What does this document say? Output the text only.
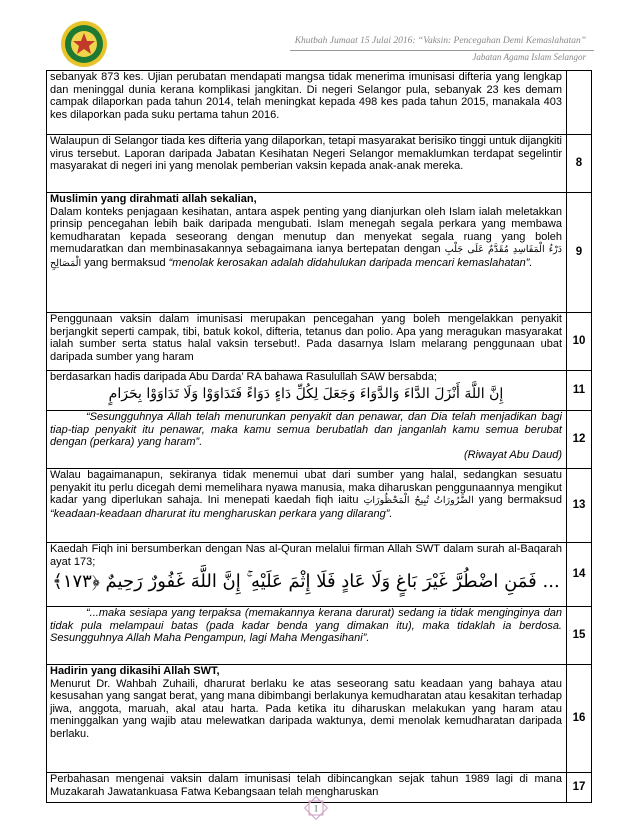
Khutbah Jumaat 15 Julai 2016: “Vaksin: Pencegahan Demi Kemaslahatan”
Jabatan Agama Islam Selangor
sebanyak 873 kes. Ujian perubatan mendapati mangsa tidak menerima imunisasi difteria yang lengkap dan meninggal dunia kerana komplikasi jangkitan. Di negeri Selangor pula, sebanyak 23 kes demam campak dilaporkan pada tahun 2014, telah meningkat kepada 498 kes pada tahun 2015, manakala 403 kes dilaporkan pada suku pertama tahun 2016.	
Walaupun di Selangor tiada kes difteria yang dilaporkan, tetapi masyarakat berisiko tinggi untuk dijangkiti virus tersebut. Laporan daripada Jabatan Kesihatan Negeri Selangor memaklumkan terdapat segelintir masyarakat di negeri ini yang menolak pemberian vaksin kepada anak-anak mereka.	8

Muslimin yang dirahmati allah sekalian,
Dalam konteks penjagaan kesihatan, antara aspek penting yang dianjurkan oleh Islam ialah meletakkan prinsip pencegahan lebih baik daripada mengubati. Islam menegah segala perkara yang membawa kemudharatan kepada seseorang dengan menutup dan menyekat segala ruang yang boleh memudaratkan dan membinasakannya sebagaimana ianya bertepatan dengan دَرْءُ الْمَفَاسِدِ مُقَدَّمٌ عَلَى جَلْبِ الْمَصَالِحِ yang bermaksud “menolak kerosakan adalah didahulukan daripada mencari kemaslahatan”.	9
Penggunaan vaksin dalam imunisasi merupakan pencegahan yang boleh mengelakkan penyakit berjangkit seperti campak, tibi, batuk kokol, difteria, tetanus dan polio. Apa yang meragukan masyarakat ialah sumber serta status halal vaksin tersebut!. Pada dasarnya Islam melarang penggunaan ubat daripada sumber yang haram	10

berdasarkan hadis daripada Abu Darda’ RA bahawa Rasulullah SAW bersabda;
إِنَّ اللَّهَ أَنْزَلَ الدَّاءَ وَالدَّوَاءَ وَجَعَلَ لِكُلِّ دَاءٍ دَوَاءً فَتَدَاوَوْا وَلَا تَدَاوَوْا بِحَرَامٍ	11

“Sesungguhnya Allah telah menurunkan penyakit dan penawar, dan Dia telah menjadikan bagi tiap-tiap penyakit itu penawar, maka kamu semua berubatlah dan janganlah kamu semua berubat dengan (perkara) yang haram”.
(Riwayat Abu Daud)	12
Walau bagaimanapun, sekiranya tidak menemui ubat dari sumber yang halal, sedangkan sesuatu penyakit itu perlu dicegah demi memelihara nyawa manusia, maka diharuskan penggunaannya mengikut kadar yang diperlukan sahaja. Ini menepati kaedah fiqh iaitu الضَّرُورَاتُ تُبِيحُ الْمَحْظُورَاتِ yang bermaksud “keadaan-keadaan dharurat itu mengharuskan perkara yang dilarang”.	13

Kaedah Fiqh ini bersumberkan dengan Nas al-Quran melalui firman Allah SWT dalam surah al-Baqarah ayat 173;
... فَمَنِ اضْطُرَّ غَيْرَ بَاغٍ وَلَا عَادٍ فَلَا إِثْمَ عَلَيْهِ ۚ إِنَّ اللَّهَ غَفُورٌ رَحِيمٌ ﴿١٧٣﴾	14

“...maka sesiapa yang terpaksa (memakannya kerana darurat) sedang ia tidak menginginya dan tidak pula melampaui batas (pada kadar benda yang dimakan itu), maka tidaklah ia berdosa. Sesungguhnya Allah Maha Pengampun, lagi Maha Mengasihani”.	15

Hadirin yang dikasihi Allah SWT,
Menurut Dr. Wahbah Zuhaili, dharurat berlaku ke atas seseorang satu keadaan yang bahaya atau kesusahan yang sangat berat, yang mana dibimbangi berlakunya kemudharatan atau kesakitan terhadap jiwa, anggota, maruah, akal atau harta. Pada ketika itu diharuskan melakukan yang haram atau meninggalkan yang wajib atau melewatkan daripada waktunya, demi menolak kemudharatan daripada berlaku.	16
Perbahasan mengenai vaksin dalam imunisasi telah dibincangkan sejak tahun 1989 lagi di mana Muzakarah Jawatankuasa Fatwa Kebangsaan telah mengharuskan	17
1
